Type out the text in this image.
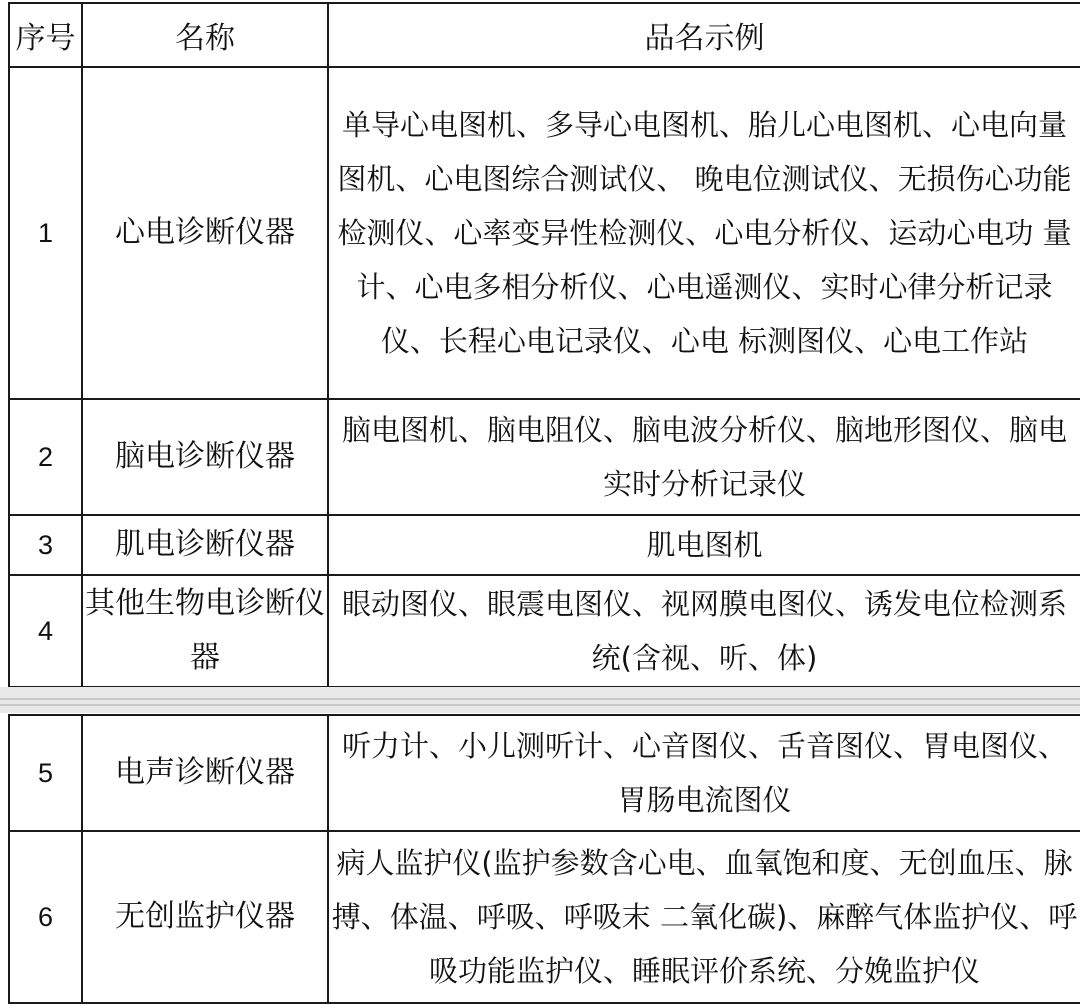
序号	名称	品名示例
1	心电诊断仪器	单导心电图机、多导心电图机、胎儿心电图机、心电向量图机、心电图综合测试仪、 晚电位测试仪、无损伤心功能检测仪、心率变异性检测仪、心电分析仪、运动心电功 量计、心电多相分析仪、心电遥测仪、实时心律分析记录仪、长程心电记录仪、心电 标测图仪、心电工作站
2	脑电诊断仪器	脑电图机、脑电阻仪、脑电波分析仪、脑地形图仪、脑电实时分析记录仪
3	肌电诊断仪器	肌电图机
4	其他生物电诊断仪器	眼动图仪、眼震电图仪、视网膜电图仪、诱发电位检测系统(含视、听、体)
5	电声诊断仪器	听力计、小儿测听计、心音图仪、舌音图仪、胃电图仪、胃肠电流图仪
6	无创监护仪器	病人监护仪(监护参数含心电、血氧饱和度、无创血压、脉搏、体温、呼吸、呼吸末 二氧化碳)、麻醉气体监护仪、呼吸功能监护仪、睡眠评价系统、分娩监护仪
